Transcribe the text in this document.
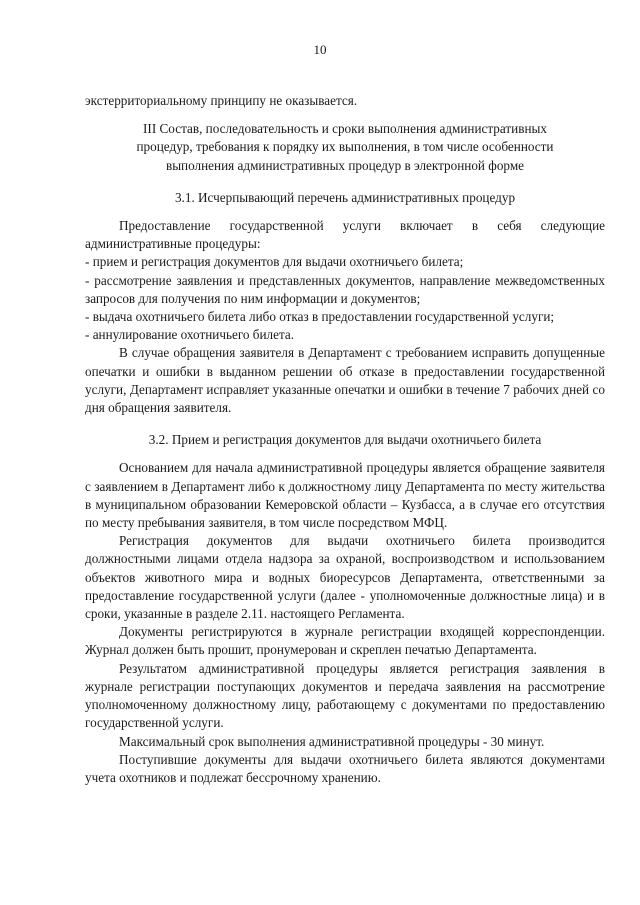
10

экстерриториальному принципу не оказывается.

III Состав, последовательность и сроки выполнения административных

процедур, требования к порядку их выполнения, в том числе особенности

выполнения административных процедур в электронной форме

3.1. Исчерпывающий перечень административных процедур

Предоставление государственной услуги включает в себя следующие административные процедуры:

- прием и регистрация документов для выдачи охотничьего билета;

- рассмотрение заявления и представленных документов, направление межведомственных запросов для получения по ним информации и документов;

- выдача охотничьего билета либо отказ в предоставлении государственной услуги;

- аннулирование охотничьего билета.

В случае обращения заявителя в Департамент с требованием исправить допущенные опечатки и ошибки в выданном решении об отказе в предоставлении государственной услуги, Департамент исправляет указанные опечатки и ошибки в течение 7 рабочих дней со дня обращения заявителя.

3.2. Прием и регистрация документов для выдачи охотничьего билета

Основанием для начала административной процедуры является обращение заявителя с заявлением в Департамент либо к должностному лицу Департамента по месту жительства в муниципальном образовании Кемеровской области – Кузбасса, а в случае его отсутствия по месту пребывания заявителя, в том числе посредством МФЦ.

Регистрация документов для выдачи охотничьего билета производится должностными лицами отдела надзора за охраной, воспроизводством и использованием объектов животного мира и водных биоресурсов Департамента, ответственными за предоставление государственной услуги (далее - уполномоченные должностные лица) и в сроки, указанные в разделе 2.11. настоящего Регламента.

Документы регистрируются в журнале регистрации входящей корреспонденции. Журнал должен быть прошит, пронумерован и скреплен печатью Департамента.

Результатом административной процедуры является регистрация заявления в журнале регистрации поступающих документов и передача заявления на рассмотрение уполномоченному должностному лицу, работающему с документами по предоставлению государственной услуги.

Максимальный срок выполнения административной процедуры - 30 минут.

Поступившие документы для выдачи охотничьего билета являются документами учета охотников и подлежат бессрочному хранению.
